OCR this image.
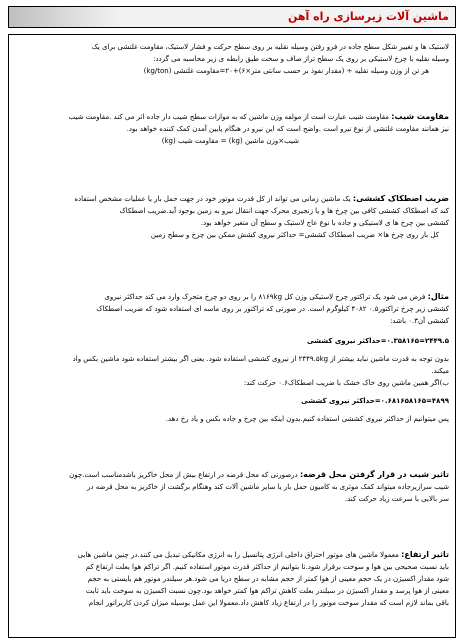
ماشین آلات زیرسازی راه آهن
لاستیک ها و تغییر شکل سطح جاده در فرو رفتن وسیله نقلیه بر روی سطح حرکت و فشار لاستیک، مقاومت غلتشی برای یک
وسیله نقلیه با چرخ لاستیکی بر روی یک سطح تراز صاف و سخت طبق رابطه ی زیر محاسبه می گردد:
هر تن از وزن وسیله نقلیه ÷ (مقدار نفوذ بر حسب سانتی متر×۶)+۲۰=مقاومت غلتشی (kg/ton)
مقاومت شیب: مقاومت شیب عبارت است از مولفه وزن ماشین که به موازات سطح شیب دار جاده اثر می کند .مقاومت شیب
نیز همانند مقاومت غلتشی از نوع نیرو است .واضح است که این نیرو در هنگام پایین آمدن کمک کننده خواهد بود.
شیب×وزن ماشین (kg) = مقاومت شیب (kg)
ضریب اصطکاک کششی: یک ماشین زمانی می تواند از کل قدرت موتور خود در جهت حمل بار یا عملیات مشخص استفاده
کند که اصطکاک کششی کافی بین چرخ ها و یا زنجیری محرک جهت انتقال نیرو به زمین بوجود آید.ضریب اصطکاک
کششی بین چرخ ها ی لاستیکی و جاده با نوع عاج لاستیک و سطح آن متغیر خواهد بود.
کل بار روی چرخ ها× ضریب اصطکاک کششی= حداکثر نیروی کشش ممکن بین چرخ و سطح زمین
مثال: فرض می شود یک تراکتور چرخ لاستیکی وزن کل ۸۱۶۹kg را بر روی دو چرخ متحرک وارد می کند حداکثر نیروی
کششی زیر چرخ تراکتور۰.۵ ۴۰۸۲ کیلوگرم است. در صورتی که تراکتور بر روی ماسه ای استفاده شود که ضریب اصطکاک
کششی آن۰.۳ باشد:
۲۴۴۹.۵=۰.۳۵۸۱۶۵=حداکثر نیروی کششی
بدون توجه به قدرت ماشین نباید بیشتر از ۲۴۴۹.۵kg از نیروی کششی استفاده شود. یعنی اگر بیشتر استفاده شود ماشین بکس واد
میکند.
ب)اگر همین ماشین روی خاک خشک با ضریب اصطکاک۰.۶ حرکت کند:
۴۸۹۹=۰.۶۸۱۶۵۸۱۶۵=حداکثر نیروی کششی
پس میتوانیم از حداکثر نیروی کششی استفاده کنیم.بدون اینکه بین چرخ و جاده بکس و یاد رخ دهد.
تاثیر شیب در قرار گرفتن محل قرضه: درصورتی که محل قرضه در ارتفاع بیش از محل خاکریز باشدمناسب است.چون
شیب سرازیرجاده میتواند کمک موثری به کامیون حمل بار یا سایر ماشین آلات کند وهنگام برگشت از خاکریز به محل قرضه در
سر بالایی با سرعت زیاد حرکت کند.
تاثیر ارتفاع: معمولا ماشین های موتور احتراق داخلی انرژی پتانسیل را به انرژی مکانیکی تبدیل می کنند.در چنین ماشین هایی
باید نسبت صحیحی بین هوا و سوخت برقرار شود.تا بتوانیم از حداکثر قدرت موتور استفاده کنیم. اگر تراکم هوا بعلت ارتفاع کم
شود مقدار اکسیژن در یک حجم معینی از هوا کمتر از حجم مشابه در سطح دریا می شود.هر سیلندر موتور هم بایستی به حجم
معینی از هوا پرسد و مقدار اکسیژن در سیلندر بعلت کاهش تراکم هوا کمتر خواهد بود.چون نسبت اکسیژن به سوخت باید ثابت
باقی بماند لازم است که مقدار سوخت موتور را در ارتفاع زیاد کاهش داد.معمولا این عمل بوسیله میزان کردن کاربراتور انجام
